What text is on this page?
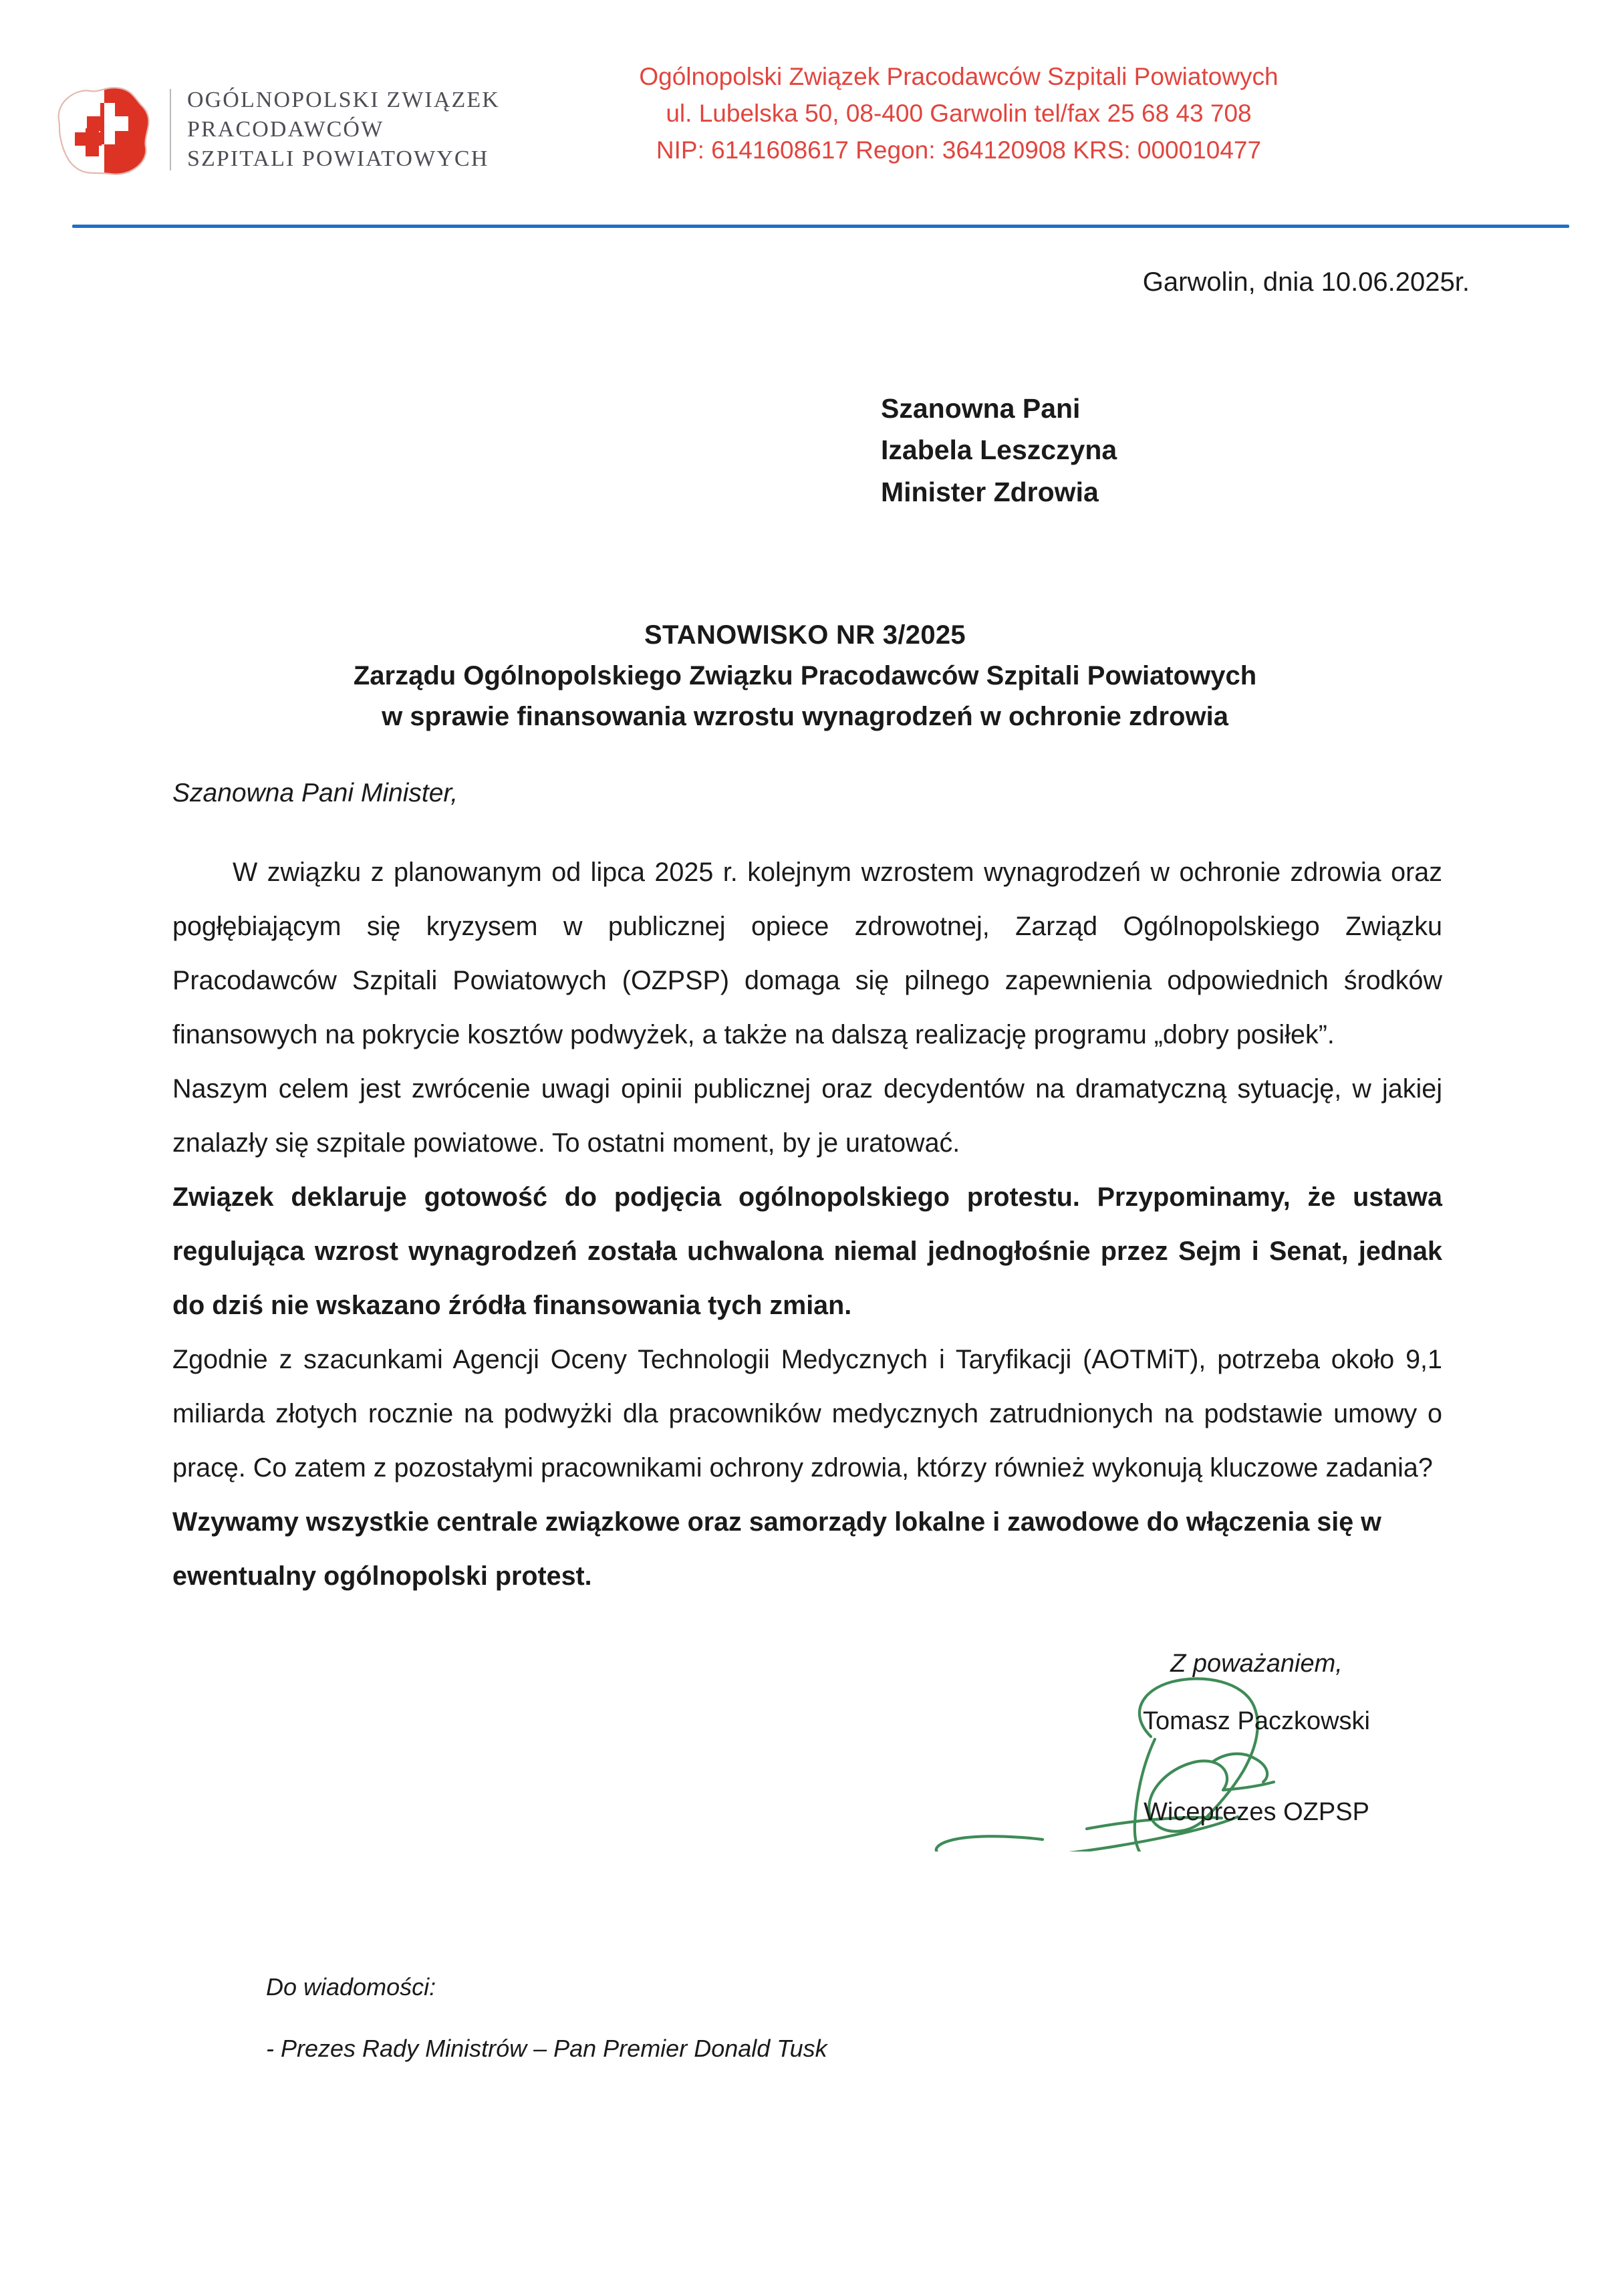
OGÓLNOPOLSKI ZWIĄZEK
PRACODAWCÓW
SZPITALI POWIATOWYCH
Ogólnopolski Związek Pracodawców Szpitali Powiatowych
ul. Lubelska 50, 08-400 Garwolin tel/fax 25 68 43 708
NIP: 6141608617 Regon: 364120908 KRS: 000010477
Garwolin, dnia 10.06.2025r.
Szanowna Pani
Izabela Leszczyna
Minister Zdrowia
STANOWISKO NR 3/2025
Zarządu Ogólnopolskiego Związku Pracodawców Szpitali Powiatowych
w sprawie finansowania wzrostu wynagrodzeń w ochronie zdrowia
Szanowna Pani Minister,

W związku z planowanym od lipca 2025 r. kolejnym wzrostem wynagrodzeń w ochronie zdrowia oraz pogłębiającym się kryzysem w publicznej opiece zdrowotnej, Zarząd Ogólnopolskiego Związku Pracodawców Szpitali Powiatowych (OZPSP) domaga się pilnego zapewnienia odpowiednich środków finansowych na pokrycie kosztów podwyżek, a także na dalszą realizację programu „dobry posiłek”.

Naszym celem jest zwrócenie uwagi opinii publicznej oraz decydentów na dramatyczną sytuację, w jakiej znalazły się szpitale powiatowe. To ostatni moment, by je uratować.

Związek deklaruje gotowość do podjęcia ogólnopolskiego protestu. Przypominamy, że ustawa regulująca wzrost wynagrodzeń została uchwalona niemal jednogłośnie przez Sejm i Senat, jednak do dziś nie wskazano źródła finansowania tych zmian.

Zgodnie z szacunkami Agencji Oceny Technologii Medycznych i Taryfikacji (AOTMiT), potrzeba około 9,1 miliarda złotych rocznie na podwyżki dla pracowników medycznych zatrudnionych na podstawie umowy o pracę. Co zatem z pozostałymi pracownikami ochrony zdrowia, którzy również wykonują kluczowe zadania?

Wzywamy wszystkie centrale związkowe oraz samorządy lokalne i zawodowe do włączenia się w ewentualny ogólnopolski protest.

Z poważaniem,
Tomasz Paczkowski
Wiceprezes OZPSP
Do wiadomości:
- Prezes Rady Ministrów – Pan Premier Donald Tusk
